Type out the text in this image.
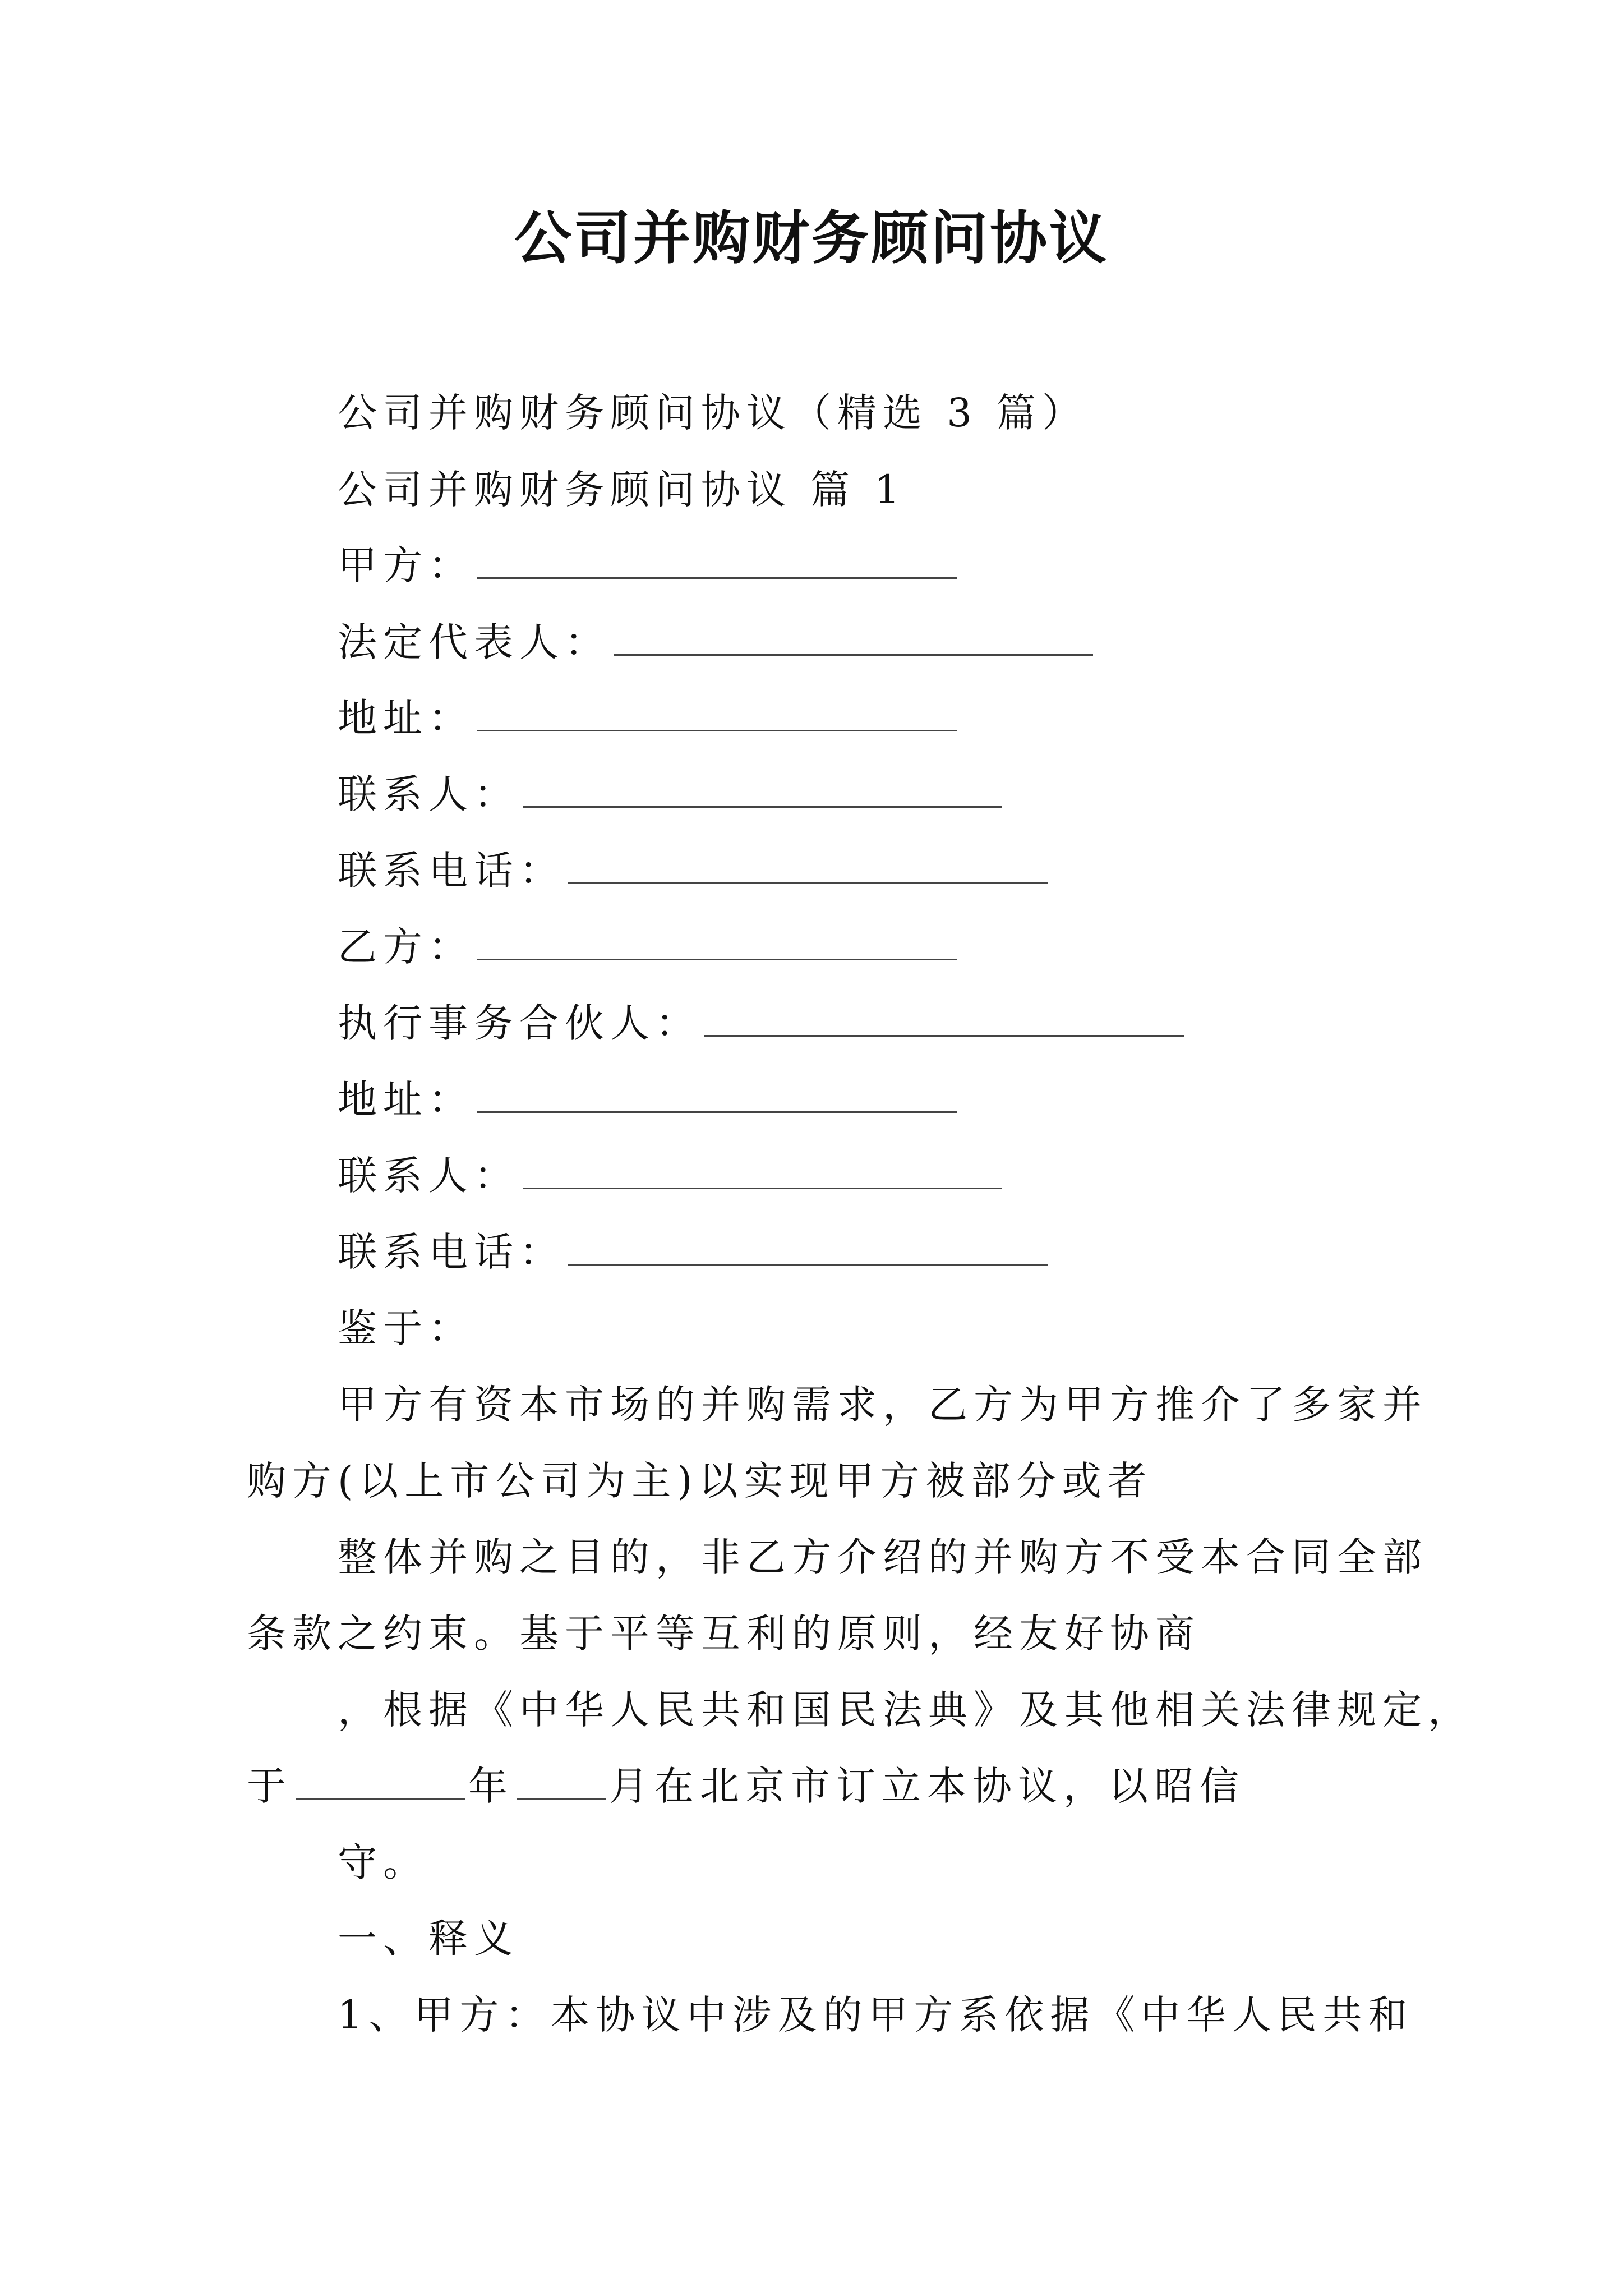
公司并购财务顾问协议
公司并购财务顾问协议（精选 3 篇）
公司并购财务顾问协议 篇 1
甲方：
法定代表人：
地址：
联系人：
联系电话：
乙方：
执行事务合伙人：
地址：
联系人：
联系电话：
鉴于：
甲方有资本市场的并购需求，乙方为甲方推介了多家并
购方(以上市公司为主)以实现甲方被部分或者
整体并购之目的，非乙方介绍的并购方不受本合同全部
条款之约束。基于平等互利的原则，经友好协商
，根据《中华人民共和国民法典》及其他相关法律规定，
于	年 月在北京市订立本协议，以昭信
守。
一、释义
1、甲方：本协议中涉及的甲方系依据《中华人民共和
